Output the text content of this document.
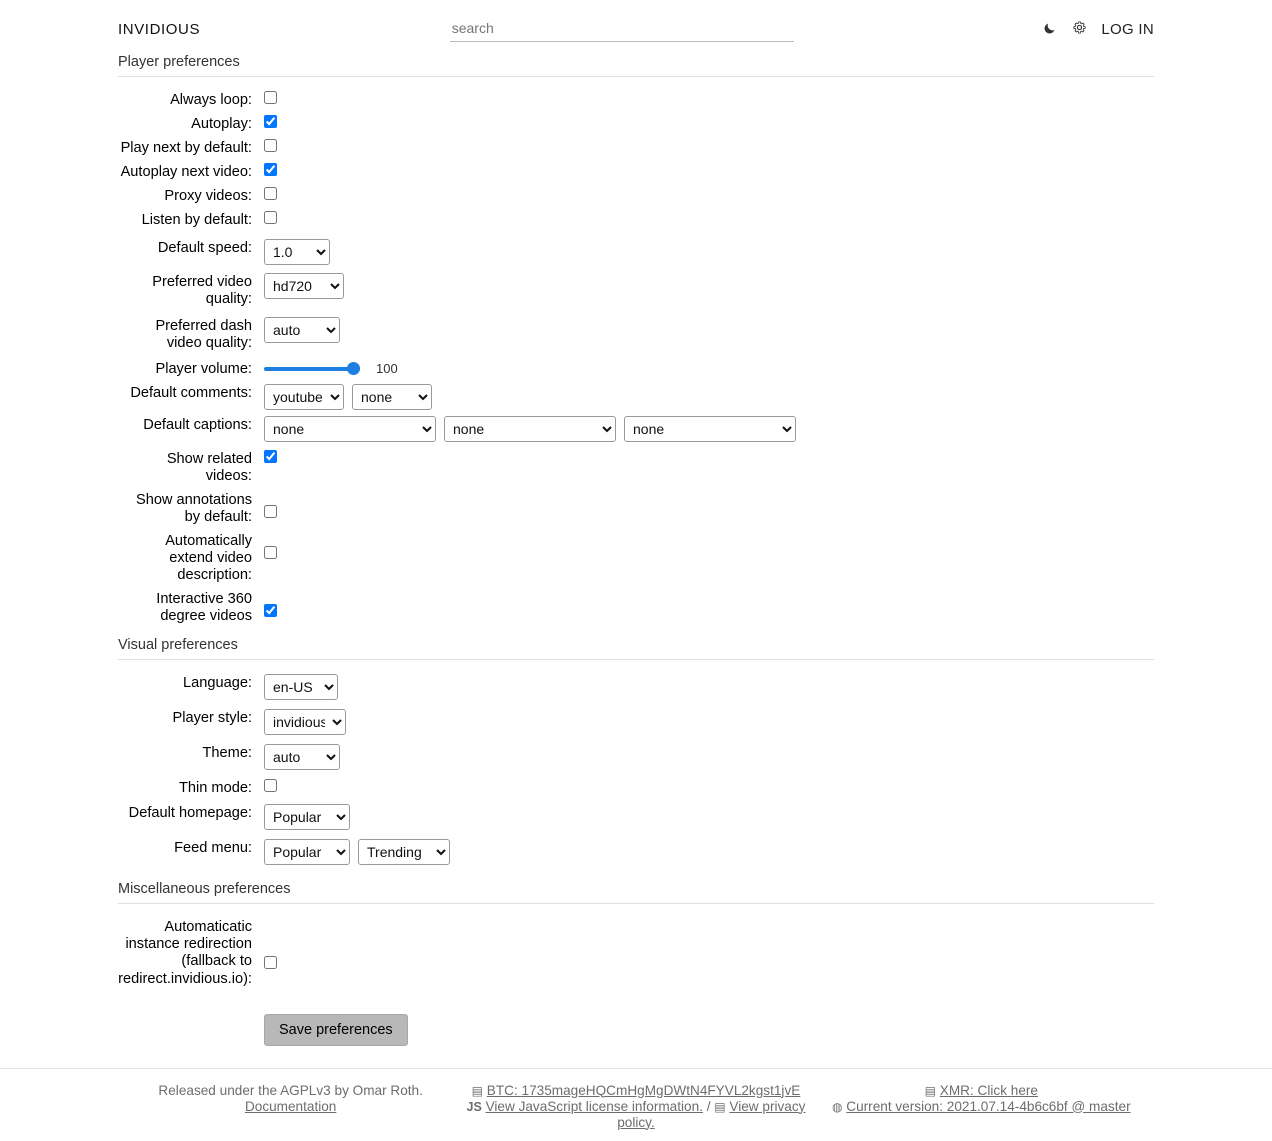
INVIDIOUS
search	LOG IN
Player preferences
Always loop:
Autoplay:
Play next by default:
Autoplay next video:
Proxy videos:
Listen by default:
Default speed:
1.0
Preferred video quality:
hd720
Preferred dash video quality:
auto
Player volume:	100
Default comments:
youtube
none
Default captions:
none
none
none
Show related videos:
Show annotations by default:
Automatically extend video description:
Interactive 360 degree videos
Visual preferences
Language:
en-US
Player style:
invidious
Theme:
auto
Thin mode:
Default homepage:
Popular
Feed menu:
Popular
Trending
Miscellaneous preferences
Automaticatic instance redirection (fallback to redirect.invidious.io):
Save preferences
Released under the AGPLv3 by Omar Roth.
Documentation
▤ BTC: 1735mageHQCmHgMgDWtN4FYVL2kgst1jvE
JS View JavaScript license information. / ▤ View privacy policy.
▤ XMR: Click here
◍ Current version: 2021.07.14-4b6c6bf @ master
